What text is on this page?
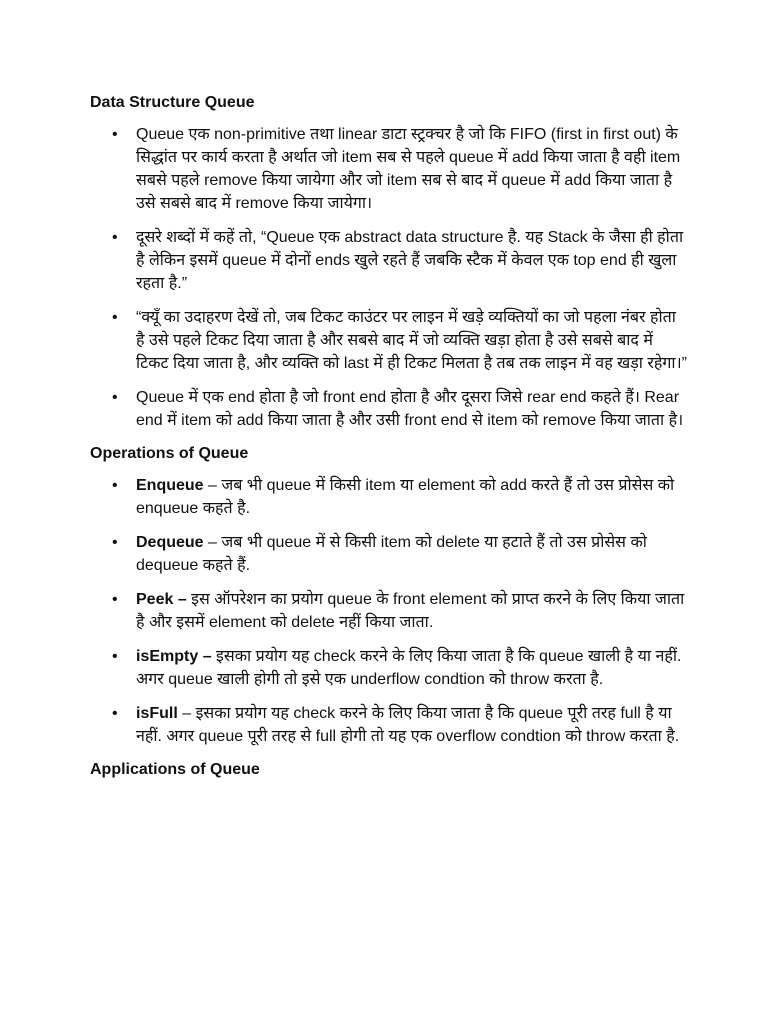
Data Structure Queue
• Queue एक non-primitive तथा linear डाटा स्ट्रक्चर है जो कि FIFO (first in first out) के सिद्धांत पर कार्य करता है अर्थात जो item सब से पहले queue में add किया जाता है वही item सबसे पहले remove किया जायेगा और जो item सब से बाद में queue में add किया जाता है उसे सबसे बाद में remove किया जायेगा।
• दूसरे शब्दों में कहें तो, “Queue एक abstract data structure है. यह Stack के जैसा ही होता है लेकिन इसमें queue में दोनों ends खुले रहते हैं जबकि स्टैक में केवल एक top end ही खुला रहता है.”
• “क्यूँ का उदाहरण देखें तो, जब टिकट काउंटर पर लाइन में खड़े व्यक्तियों का जो पहला नंबर होता है उसे पहले टिकट दिया जाता है और सबसे बाद में जो व्यक्ति खड़ा होता है उसे सबसे बाद में टिकट दिया जाता है, और व्यक्ति को last में ही टिकट मिलता है तब तक लाइन में वह खड़ा रहेगा।”
• Queue में एक end होता है जो front end होता है और दूसरा जिसे rear end कहते हैं। Rear end में item को add किया जाता है और उसी front end से item को remove किया जाता है।
Operations of Queue
• Enqueue – जब भी queue में किसी item या element को add करते हैं तो उस प्रोसेस को enqueue कहते है.
• Dequeue – जब भी queue में से किसी item को delete या हटाते हैं तो उस प्रोसेस को dequeue कहते हैं.
• Peek – इस ऑपरेशन का प्रयोग queue के front element को प्राप्त करने के लिए किया जाता है और इसमें element को delete नहीं किया जाता.
• isEmpty – इसका प्रयोग यह check करने के लिए किया जाता है कि queue खाली है या नहीं. अगर queue खाली होगी तो इसे एक underflow condtion को throw करता है.
• isFull – इसका प्रयोग यह check करने के लिए किया जाता है कि queue पूरी तरह full है या नहीं. अगर queue पूरी तरह से full होगी तो यह एक overflow condtion को throw करता है.
Applications of Queue
